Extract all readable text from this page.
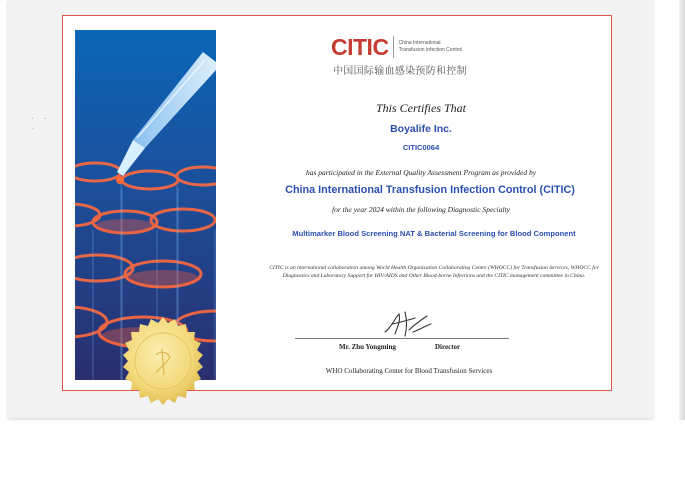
· ‑ ·
CITIC China International
Transfusion Infection Control
中国国际输血感染预防和控制
This Certifies That
Boyalife Inc.
CITIC0064
has participated in the External Quality Assessment Program as provided by
China International Transfusion Infection Control (CITIC)
for the year 2024 within the following Diagnostic Specialty
Multimarker Blood Screening NAT & Bacterial Screening for Blood Component
CITIC is an international collaboration among World Health Organization Collaborating Centre (WHOCC) for Transfusion Services, WHOCC for Diagnostics and Laboratory Support for HIV/AIDS and Other Blood-borne Infections and the CITIC management committee in China.
Mr. Zhu Yongming	Director
WHO Collaborating Center for Blood Transfusion Services
